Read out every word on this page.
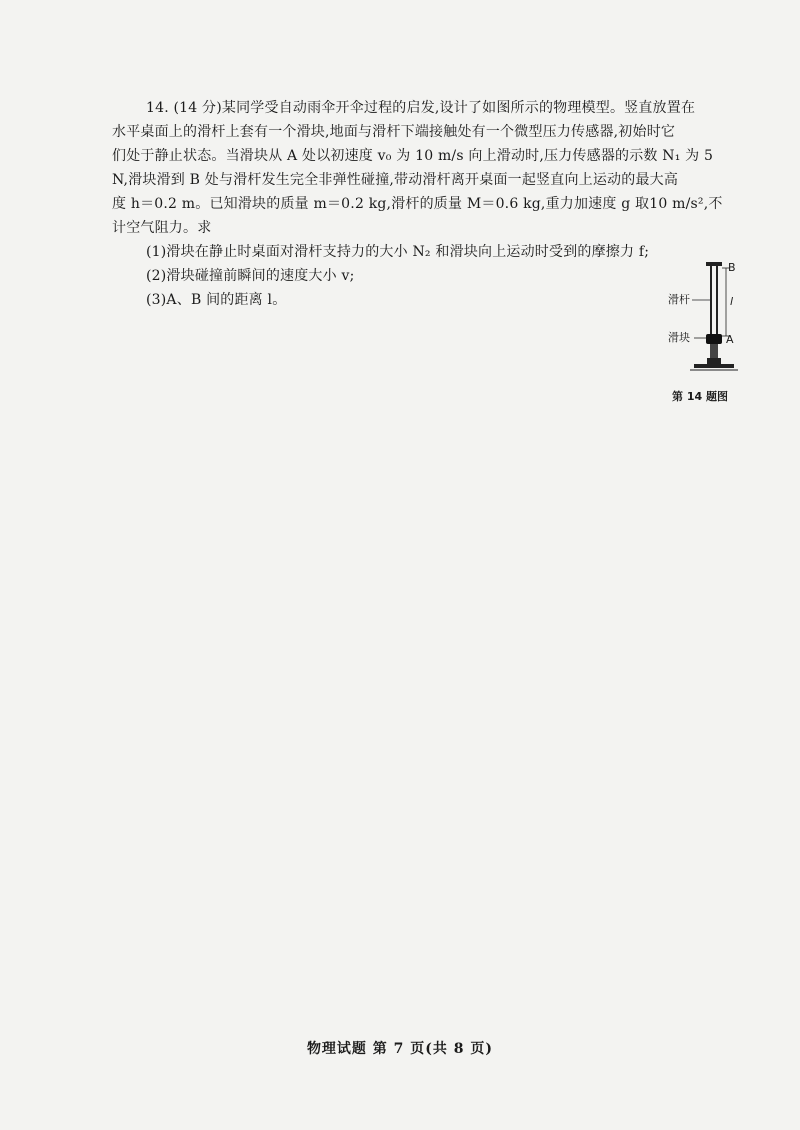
14. (14 分)某同学受自动雨伞开伞过程的启发,设计了如图所示的物理模型。竖直放置在
水平桌面上的滑杆上套有一个滑块,地面与滑杆下端接触处有一个微型压力传感器,初始时它
们处于静止状态。当滑块从 A 处以初速度 v₀ 为 10 m/s 向上滑动时,压力传感器的示数 N₁ 为 5
N,滑块滑到 B 处与滑杆发生完全非弹性碰撞,带动滑杆离开桌面一起竖直向上运动的最大高
度 h＝0.2 m。已知滑块的质量 m＝0.2 kg,滑杆的质量 M＝0.6 kg,重力加速度 g 取10 m/s²,不
计空气阻力。求
(1)滑块在静止时桌面对滑杆支持力的大小 N₂ 和滑块向上运动时受到的摩擦力 f;
(2)滑块碰撞前瞬间的速度大小 v;
(3)A、B 间的距离 l。
B
l
A
滑杆
滑块
第 14 题图
物理试题 第 7 页(共 8 页)
